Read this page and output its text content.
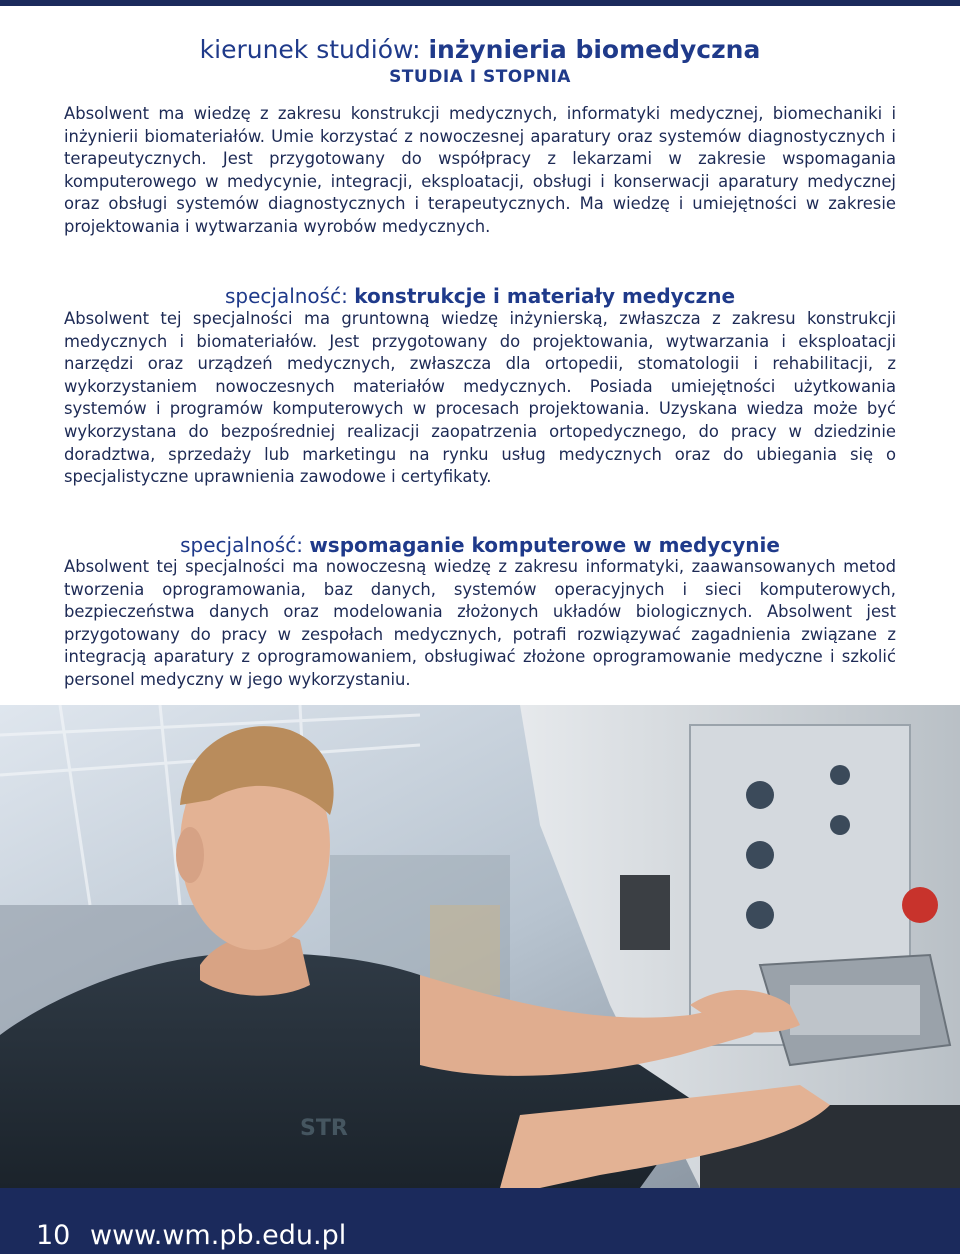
kierunek studiów: inżynieria biomedyczna
STUDIA I STOPNIA
Absolwent ma wiedzę z zakresu konstrukcji medycznych, informatyki medycznej, biomechaniki i inżynierii biomateriałów. Umie korzystać z nowoczesnej aparatury oraz systemów diagnostycznych i terapeutycznych. Jest przygotowany do współpracy z lekarzami w zakresie wspomagania komputerowego w medycynie, integracji, eksploatacji, obsługi i konserwacji aparatury medycznej oraz obsługi systemów diagnostycznych i terapeutycznych. Ma wiedzę i umiejętności w zakresie projektowania i wytwarzania wyrobów medycznych.
specjalność: konstrukcje i materiały medyczne
Absolwent tej specjalności ma gruntowną wiedzę inżynierską, zwłaszcza z zakresu konstrukcji medycznych i biomateriałów. Jest przygotowany do projektowania, wytwarzania i eksploatacji narzędzi oraz urządzeń medycznych, zwłaszcza dla ortopedii, stomatologii i rehabilitacji, z wykorzystaniem nowoczesnych materiałów medycznych. Posiada umiejętności użytkowania systemów i programów komputerowych w procesach projektowania. Uzyskana wiedza może być wykorzystana do bezpośredniej realizacji zaopatrzenia ortopedycznego, do pracy w dziedzinie doradztwa, sprzedaży lub marketingu na rynku usług medycznych oraz do ubiegania się o specjalistyczne uprawnienia zawodowe i certyfikaty.
specjalność: wspomaganie komputerowe w medycynie
Absolwent tej specjalności ma nowoczesną wiedzę z zakresu informatyki, zaawansowanych metod tworzenia oprogramowania, baz danych, systemów operacyjnych i sieci komputerowych, bezpieczeństwa danych oraz modelowania złożonych układów biologicznych. Absolwent jest przygotowany do pracy w zespołach medycznych, potrafi rozwiązywać zagadnienia związane z integracją aparatury z oprogramowaniem, obsługiwać złożone oprogramowanie medyczne i szkolić personel medyczny w jego wykorzystaniu.
STR
10 www.wm.pb.edu.pl
